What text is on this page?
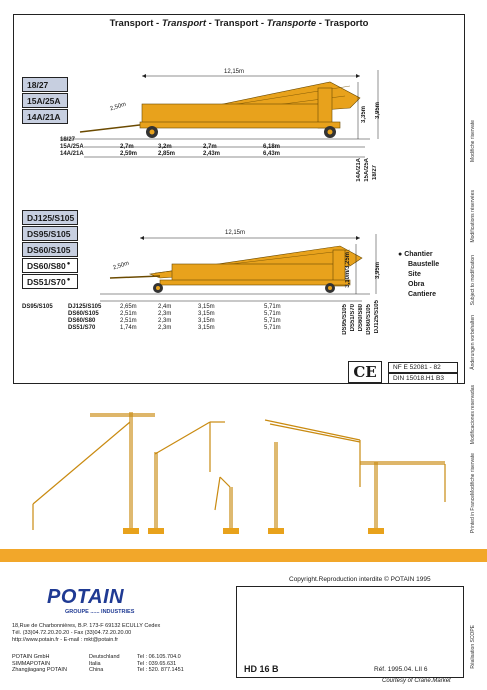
Transport - Transport - Transport - Transporte - Trasporto
18/27
15A/25A
14A/21A
12,15m
2,50m	3,35m 3,95m
18/27
15A/25A	2,7m	3,2m	2,7m	6,18m
14A/21A	2,59m	2,85m	2,43m	6,43m
14A/21A 15A/25A 18/27
DJ125/S105
DS95/S105
DS60/S105
DS60/S80 ●
DS51/S70 ●
12,15m
2,50m	3,10m/3,25m	3,95m
● Chantier
Baustelle
Site
Obra
Cantiere
DS95/S105	DJ125/S105	2,65m	2,4m	3,15m	5,71m
DS60/S105	2,51m	2,3m	3,15m	5,71m
DS60/S80	2,51m	2,3m	3,15m	5,71m
DS51/S70	1,74m	2,3m	3,15m	5,71m	DS95/S105 DS51/S70 DS60/S80 DS60/S105 DJ125/S105
CE	NF E 52081 - 82
DIN 15018.H1 B3
Modifiche riservate
Modifications réservées
Subject to modification
Änderungen vorbehalten
Modificaciones reservadas
Modifiche riservate
Printed in France
Réalisation SCOPE
POTAIN
GROUPE ...... INDUSTRIES
18,Rue de Charbonnières, B.P. 173-F 69132 ECULLY Cedex
Tél. (33)04.72.20.20.20 - Fax (33)04.72.20.20.00
http://www.potain.fr - E-mail : mkt@potain.fr
POTAIN GmbH	Deutschland	Tel : 06.105.704.0
SIMMAPOTAIN	Italia	Tel : 039.65.631
Zhangjiagang POTAIN	China	Tel : 520. 877.1451
Copyright.Reproduction interdite © POTAIN 1995
HD 16 B	Réf. 1995.04. LII 6
Courtesy of Crane.Market
